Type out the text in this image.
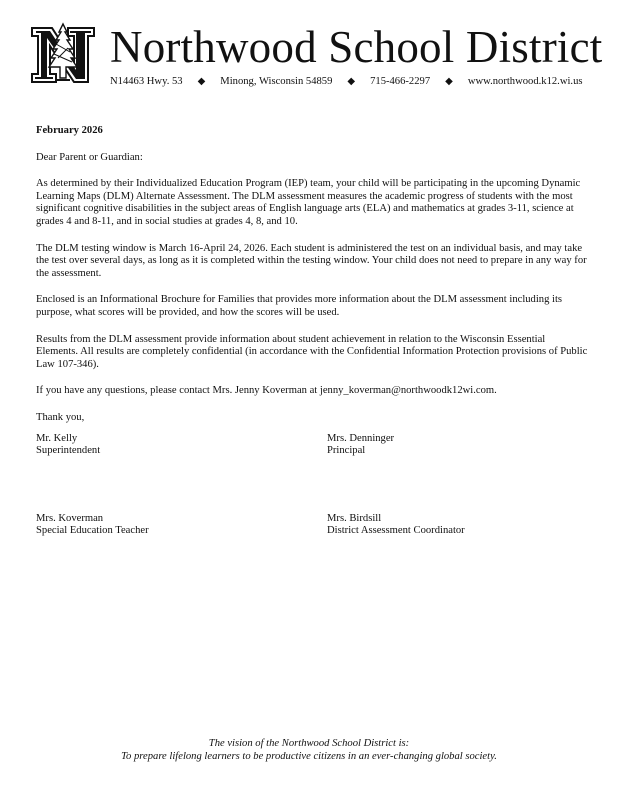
Northwood School District
N14463 Hwy. 53 ◆ Minong, Wisconsin 54859 ◆ 715-466-2297 ◆ www.northwood.k12.wi.us
February 2026

Dear Parent or Guardian:

As determined by their Individualized Education Program (IEP) team, your child will be participating in the upcoming Dynamic Learning Maps (DLM) Alternate Assessment. The DLM assessment measures the academic progress of students with the most significant cognitive disabilities in the subject areas of English language arts (ELA) and mathematics at grades 3-11, science at grades 4 and 8-11, and in social studies at grades 4, 8, and 10.

The DLM testing window is March 16-April 24, 2026. Each student is administered the test on an individual basis, and may take the test over several days, as long as it is completed within the testing window. Your child does not need to prepare in any way for the assessment.

Enclosed is an Informational Brochure for Families that provides more information about the DLM assessment including its purpose, what scores will be provided, and how the scores will be used.

Results from the DLM assessment provide information about student achievement in relation to the Wisconsin Essential Elements. All results are completely confidential (in accordance with the Confidential Information Protection provisions of Public Law 107-346).

If you have any questions, please contact Mrs. Jenny Koverman at jenny_koverman@northwoodk12wi.com.

Thank you,

Mr. Kelly
Superintendent
Mrs. Denninger
Principal
Mrs. Koverman
Special Education Teacher
Mrs. Birdsill
District Assessment Coordinator
The vision of the Northwood School District is:
To prepare lifelong learners to be productive citizens in an ever-changing global society.
